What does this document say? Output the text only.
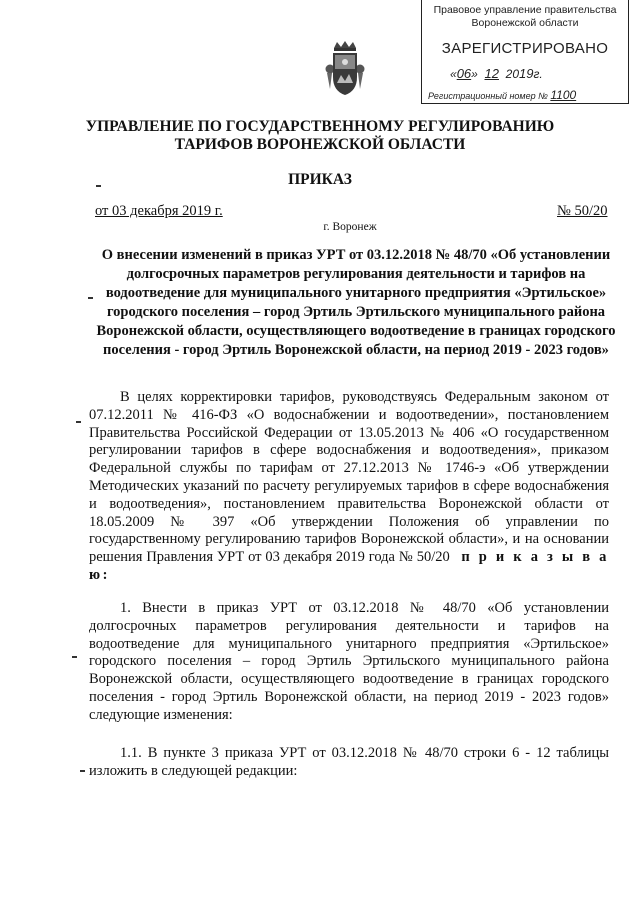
Правовое управление правительства
Воронежской области
ЗАРЕГИСТРИРОВАНО
«06»  12 2019г.
Регистрационный номер № 1100
УПРАВЛЕНИЕ ПО ГОСУДАРСТВЕННОМУ РЕГУЛИРОВАНИЮ
ТАРИФОВ ВОРОНЕЖСКОЙ ОБЛАСТИ
ПРИКАЗ
от 03 декабря 2019 г.	№ 50/20
г. Воронеж
О внесении изменений в приказ УРТ от 03.12.2018 № 48/70 «Об установлении долгосрочных параметров регулирования деятельности и тарифов на водоотведение для муниципального унитарного предприятия «Эртильское» городского поселения – город Эртиль Эртильского муниципального района Воронежской области, осуществляющего водоотведение в границах городского поселения - город Эртиль Воронежской области, на период 2019 - 2023 годов»
В целях корректировки тарифов, руководствуясь Федеральным законом от 07.12.2011 № 416-ФЗ «О водоснабжении и водоотведении», постановлением Правительства Российской Федерации от 13.05.2013 № 406 «О государственном регулировании тарифов в сфере водоснабжения и водоотведения», приказом Федеральной службы по тарифам от 27.12.2013 № 1746-э «Об утверждении Методических указаний по расчету регулируемых тарифов в сфере водоснабжения и водоотведения», постановлением правительства Воронежской области от 18.05.2009 № 397 «Об утверждении Положения об управлении по государственному регулированию тарифов Воронежской области», и на основании решения Правления УРТ от 03 декабря 2019 года № 50/20 п р и к а з ы в а ю:
1. Внести в приказ УРТ от 03.12.2018 № 48/70 «Об установлении долгосрочных параметров регулирования деятельности и тарифов на водоотведение для муниципального унитарного предприятия «Эртильское» городского поселения – город Эртиль Эртильского муниципального района Воронежской области, осуществляющего водоотведение в границах городского поселения - город Эртиль Воронежской области, на период 2019 - 2023 годов» следующие изменения:
1.1. В пункте 3 приказа УРТ от 03.12.2018 № 48/70 строки 6 - 12 таблицы изложить в следующей редакции:
